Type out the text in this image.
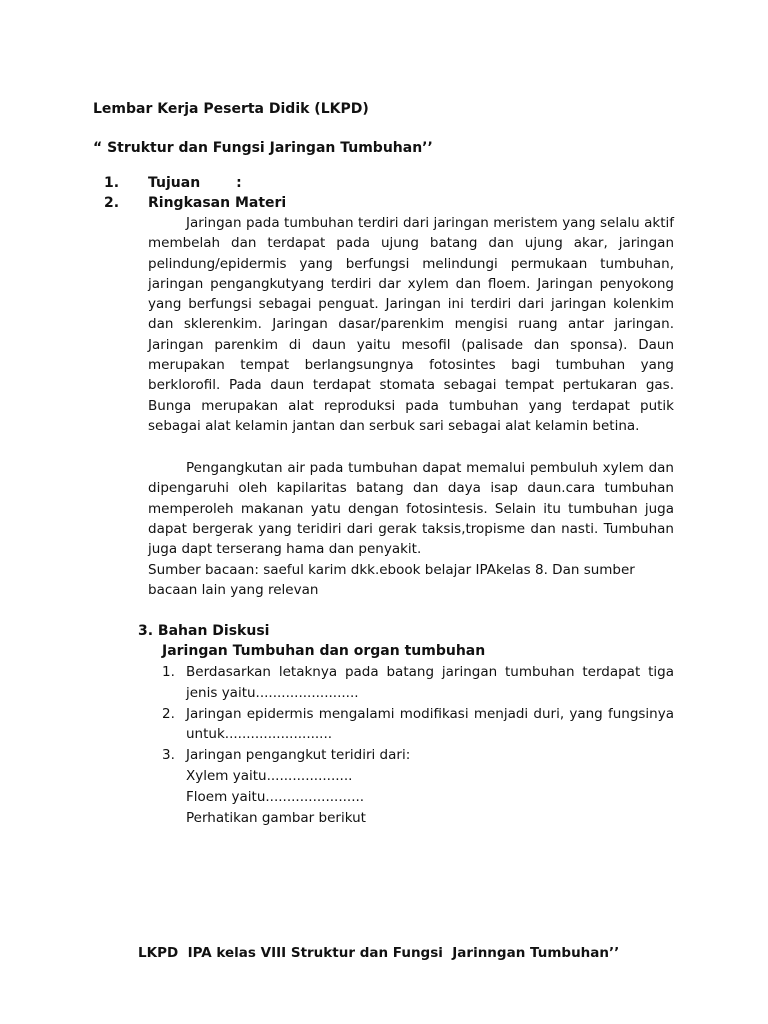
Lembar Kerja Peserta Didik (LKPD)
“ Struktur dan Fungsi Jaringan Tumbuhan’’
1. Tujuan	:
2. Ringkasan Materi

Jaringan pada tumbuhan terdiri dari jaringan meristem yang selalu aktif membelah dan terdapat pada ujung batang dan ujung akar, jaringan pelindung/epidermis yang berfungsi melindungi permukaan tumbuhan, jaringan pengangkutyang terdiri dar xylem dan floem. Jaringan penyokong yang berfungsi sebagai penguat. Jaringan ini terdiri dari jaringan kolenkim dan sklerenkim. Jaringan dasar/parenkim mengisi ruang antar jaringan. Jaringan parenkim di daun yaitu mesofil (palisade dan sponsa). Daun merupakan tempat berlangsungnya fotosintes bagi tumbuhan yang berklorofil. Pada daun terdapat stomata sebagai tempat pertukaran gas. Bunga merupakan alat reproduksi pada tumbuhan yang terdapat putik sebagai alat kelamin jantan dan serbuk sari sebagai alat kelamin betina.

Pengangkutan air pada tumbuhan dapat memalui pembuluh xylem dan dipengaruhi oleh kapilaritas batang dan daya isap daun.cara tumbuhan memperoleh makanan yatu dengan fotosintesis. Selain itu tumbuhan juga dapat bergerak yang teridiri dari gerak taksis,tropisme dan nasti. Tumbuhan juga dapt terserang hama dan penyakit.

Sumber bacaan: saeful karim dkk.ebook belajar IPAkelas 8. Dan sumber bacaan lain yang relevan

3. Bahan Diskusi
Jaringan Tumbuhan dan organ tumbuhan
1. Berdasarkan letaknya pada batang jaringan tumbuhan terdapat tiga jenis yaitu........................
2. Jaringan epidermis mengalami modifikasi menjadi duri, yang fungsinya untuk.........................
3. Jaringan pengangkut teridiri dari:
Xylem yaitu....................
Floem yaitu.......................
Perhatikan gambar berikut
LKPD  IPA kelas VIII Struktur dan Fungsi  Jarinngan Tumbuhan’’
